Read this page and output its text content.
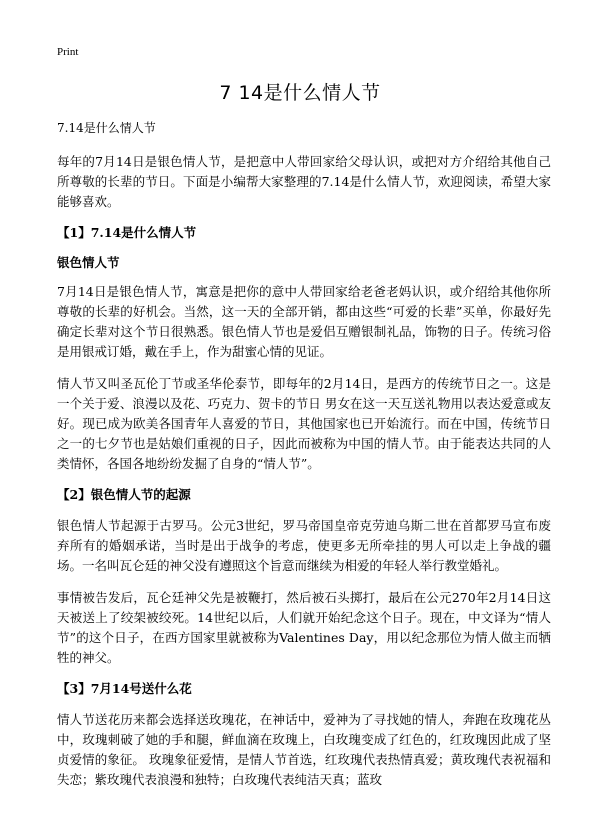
Print
7 14是什么情人节
7.14是什么情人节

每年的7月14日是银色情人节，是把意中人带回家给父母认识，或把对方介绍给其他自己所尊敬的长辈的节日。下面是小编帮大家整理的7.14是什么情人节，欢迎阅读，希望大家能够喜欢。

【1】7.14是什么情人节
银色情人节

7月14日是银色情人节，寓意是把你的意中人带回家给老爸老妈认识，或介绍给其他你所尊敬的长辈的好机会。当然，这一天的全部开销，都由这些“可爱的长辈”买单，你最好先确定长辈对这个节日很熟悉。银色情人节也是爱侣互赠银制礼品，饰物的日子。传统习俗是用银戒订婚，戴在手上，作为甜蜜心情的见证。

情人节又叫圣瓦伦丁节或圣华伦泰节，即每年的2月14日，是西方的传统节日之一。这是一个关于爱、浪漫以及花、巧克力、贺卡的节日 男女在这一天互送礼物用以表达爱意或友好。现已成为欧美各国青年人喜爱的节日，其他国家也已开始流行。而在中国，传统节日之一的七夕节也是姑娘们重视的日子，因此而被称为中国的情人节。由于能表达共同的人类情怀，各国各地纷纷发掘了自身的“情人节”。

【2】银色情人节的起源

银色情人节起源于古罗马。公元3世纪，罗马帝国皇帝克劳迪乌斯二世在首都罗马宣布废弃所有的婚姻承诺，当时是出于战争的考虑，使更多无所牵挂的男人可以走上争战的疆场。一名叫瓦仑廷的神父没有遵照这个旨意而继续为相爱的年轻人举行教堂婚礼。

事情被告发后，瓦仑廷神父先是被鞭打，然后被石头掷打，最后在公元270年2月14日这天被送上了绞架被绞死。14世纪以后，人们就开始纪念这个日子。现在，中文译为“情人节”的这个日子，在西方国家里就被称为Valentines Day，用以纪念那位为情人做主而牺牲的神父。

【3】7月14号送什么花

情人节送花历来都会选择送玫瑰花，在神话中，爱神为了寻找她的情人，奔跑在玫瑰花丛中，玫瑰刺破了她的手和腿，鲜血滴在玫瑰上，白玫瑰变成了红色的，红玫瑰因此成了坚贞爱情的象征。 玫瑰象征爱情，是情人节首选，红玫瑰代表热情真爱；黄玫瑰代表祝福和失恋；紫玫瑰代表浪漫和独特；白玫瑰代表纯洁天真；蓝玫
